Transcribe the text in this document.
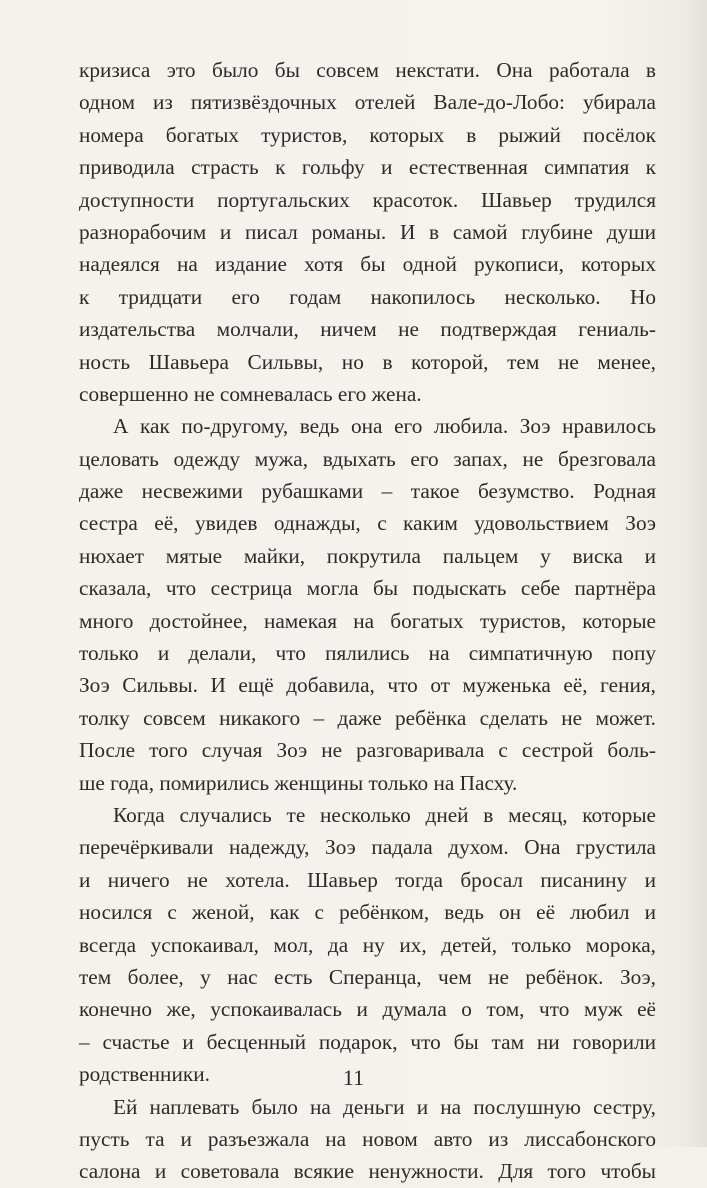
кризиса это было бы совсем некстати. Она работала в
одном из пятизвёздочных отелей Вале-до-Лобо: убирала
номера богатых туристов, которых в рыжий посёлок
приводила страсть к гольфу и естественная симпатия к
доступности португальских красоток. Шавьер трудился
разнорабочим и писал романы. И в самой глубине души
надеялся на издание хотя бы одной рукописи, которых
к тридцати его годам накопилось несколько. Но
издательства молчали, ничем не подтверждая гениаль-
ность Шавьера Сильвы, но в которой, тем не менее,
совершенно не сомневалась его жена.
А как по-другому, ведь она его любила. Зоэ нравилось
целовать одежду мужа, вдыхать его запах, не брезговала
даже несвежими рубашками – такое безумство. Родная
сестра её, увидев однажды, с каким удовольствием Зоэ
нюхает мятые майки, покрутила пальцем у виска и
сказала, что сестрица могла бы подыскать себе партнёра
много достойнее, намекая на богатых туристов, которые
только и делали, что пялились на симпатичную попу
Зоэ Сильвы. И ещё добавила, что от муженька её, гения,
толку совсем никакого – даже ребёнка сделать не может.
После того случая Зоэ не разговаривала с сестрой боль-
ше года, помирились женщины только на Пасху.
Когда случались те несколько дней в месяц, которые
перечёркивали надежду, Зоэ падала духом. Она грустила
и ничего не хотела. Шавьер тогда бросал писанину и
носился с женой, как с ребёнком, ведь он её любил и
всегда успокаивал, мол, да ну их, детей, только морока,
тем более, у нас есть Сперанца, чем не ребёнок. Зоэ,
конечно же, успокаивалась и думала о том, что муж её
– счастье и бесценный подарок, что бы там ни говорили
родственники.
Ей наплевать было на деньги и на послушную сестру,
пусть та и разъезжала на новом авто из лиссабонского
салона и советовала всякие ненужности. Для того чтобы
11
